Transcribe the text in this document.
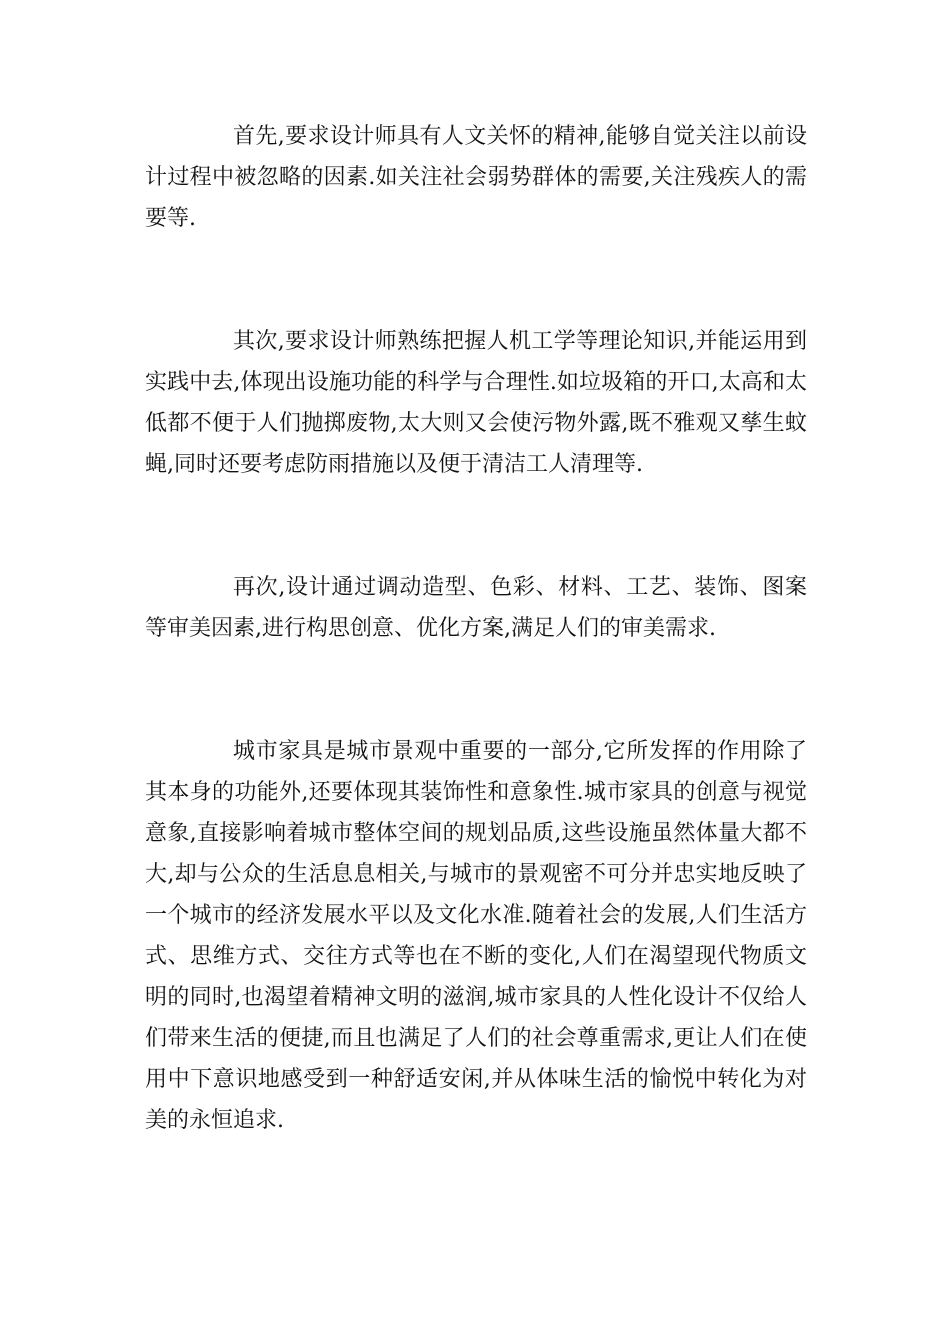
首先,要求设计师具有人文关怀的精神,能够自觉关注以前设计过程中被忽略的因素.如关注社会弱势群体的需要,关注残疾人的需要等.

其次,要求设计师熟练把握人机工学等理论知识,并能运用到实践中去,体现出设施功能的科学与合理性.如垃圾箱的开口,太高和太低都不便于人们抛掷废物,太大则又会使污物外露,既不雅观又孳生蚊蝇,同时还要考虑防雨措施以及便于清洁工人清理等.

再次,设计通过调动造型、色彩、材料、工艺、装饰、图案等审美因素,进行构思创意、优化方案,满足人们的审美需求.

城市家具是城市景观中重要的一部分,它所发挥的作用除了其本身的功能外,还要体现其装饰性和意象性.城市家具的创意与视觉意象,直接影响着城市整体空间的规划品质,这些设施虽然体量大都不大,却与公众的生活息息相关,与城市的景观密不可分并忠实地反映了一个城市的经济发展水平以及文化水准.随着社会的发展,人们生活方式、思维方式、交往方式等也在不断的变化,人们在渴望现代物质文明的同时,也渴望着精神文明的滋润,城市家具的人性化设计不仅给人们带来生活的便捷,而且也满足了人们的社会尊重需求,更让人们在使用中下意识地感受到一种舒适安闲,并从体味生活的愉悦中转化为对美的永恒追求.
